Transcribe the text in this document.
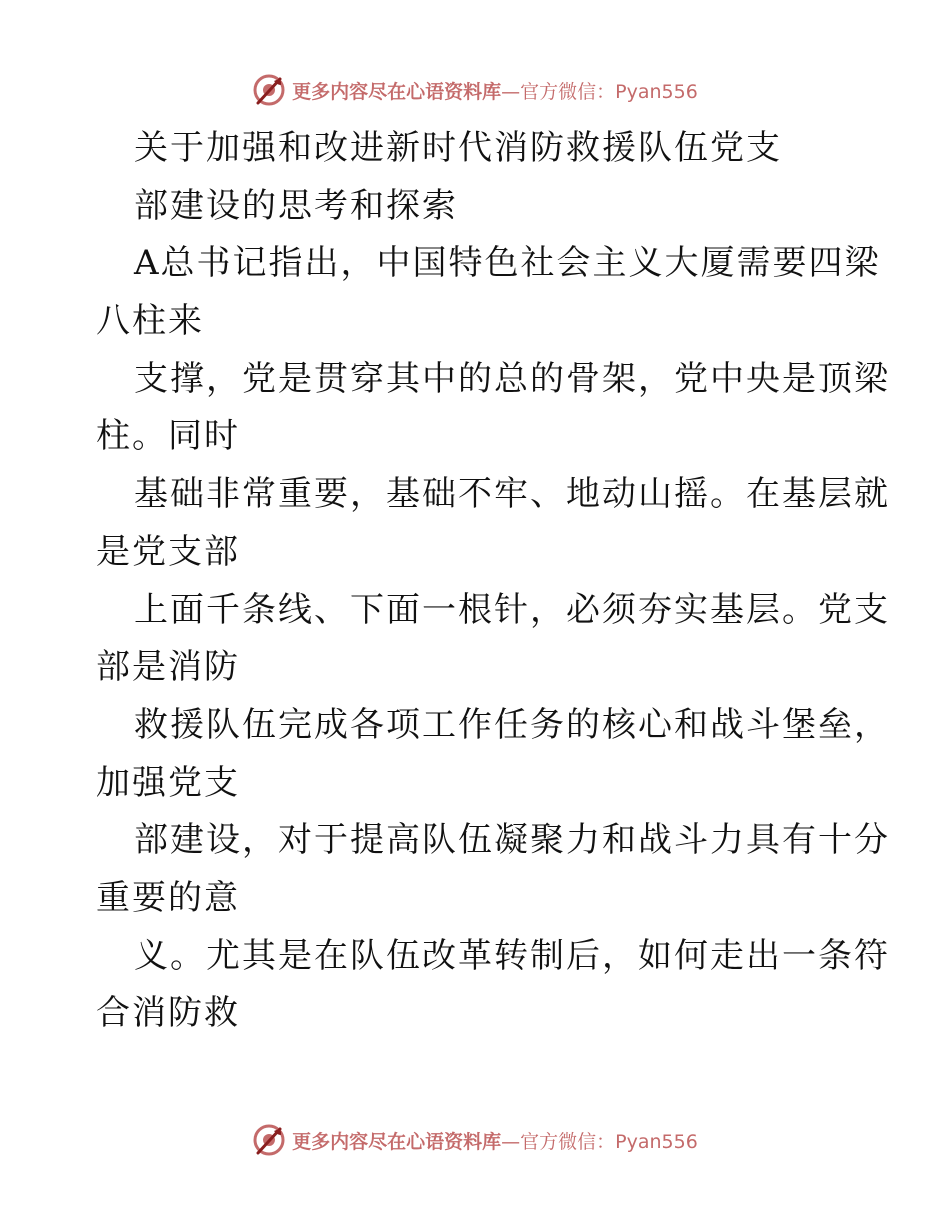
更多内容尽在心语资料库 —官方微信：Pyan556
关于加强和改进新时代消防救援队伍党支
部建设的思考和探索
A总书记指出，中国特色社会主义大厦需要四梁
八柱来
支撑，党是贯穿其中的总的骨架，党中央是顶梁
柱。同时
基础非常重要，基础不牢、地动山摇。在基层就
是党支部
上面千条线、下面一根针，必须夯实基层。党支
部是消防
救援队伍完成各项工作任务的核心和战斗堡垒，
加强党支
部建设，对于提高队伍凝聚力和战斗力具有十分
重要的意
义。尤其是在队伍改革转制后，如何走出一条符
合消防救
更多内容尽在心语资料库 —官方微信：Pyan556
